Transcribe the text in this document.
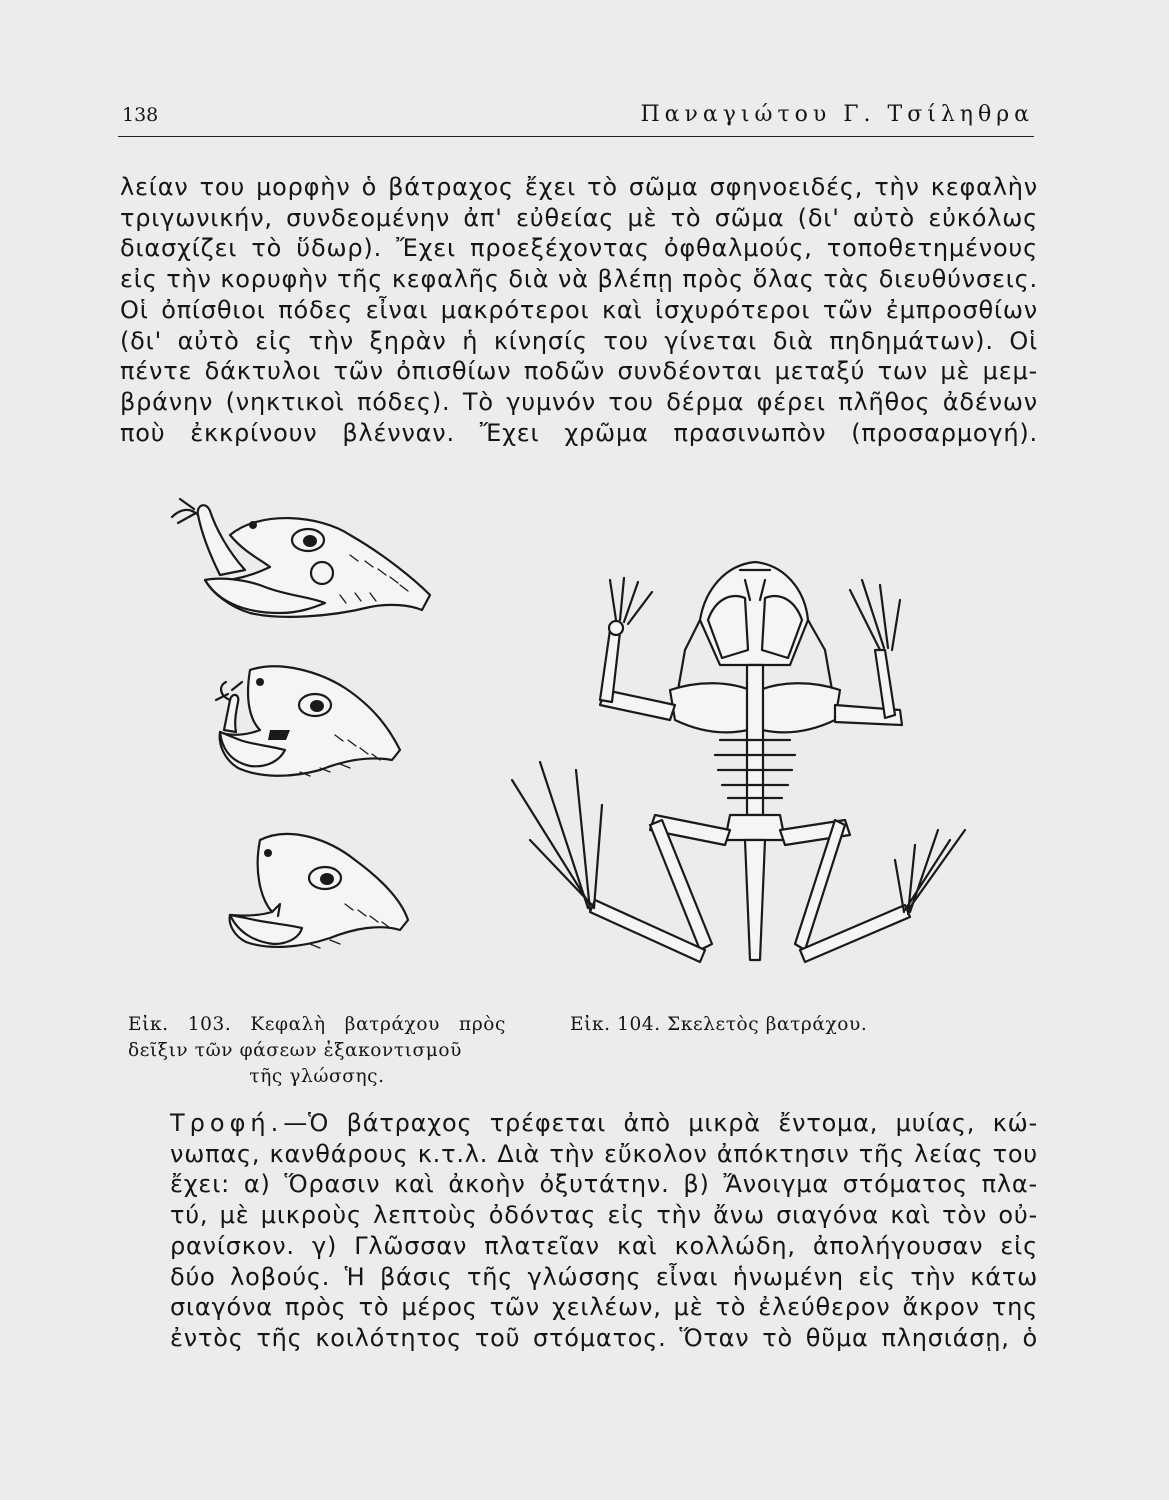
138	Παναγιώτου Γ. Τσίληθρα

λείαν του μορφὴν ὁ βάτραχος ἔχει τὸ σῶμα σφηνοειδές, τὴν κεφαλὴν
τριγωνικήν, συνδεομένην ἀπ' εὐθείας μὲ τὸ σῶμα (δι' αὐτὸ εὐκόλως
διασχίζει τὸ ὕδωρ). Ἔχει προεξέχοντας ὀφθαλμούς, τοποθετημένους
εἰς τὴν κορυφὴν τῆς κεφαλῆς διὰ νὰ βλέπῃ πρὸς ὅλας τὰς διευθύνσεις.
Οἱ ὀπίσθιοι πόδες εἶναι μακρότεροι καὶ ἰσχυρότεροι τῶν ἐμπροσθίων
(δι' αὐτὸ εἰς τὴν ξηρὰν ἡ κίνησίς του γίνεται διὰ πηδημάτων). Οἱ
πέντε δάκτυλοι τῶν ὀπισθίων ποδῶν συνδέονται μεταξύ των μὲ μεμ-
βράνην (νηκτικοὶ πόδες). Τὸ γυμνόν του δέρμα φέρει πλῆθος ἀδένων
ποὺ ἐκκρίνουν βλένναν. Ἔχει χρῶμα πρασινωπὸν (προσαρμογή).

Εἰκ. 103. Κεφαλὴ βατράχου πρὸς
δεῖξιν τῶν φάσεων ἐξακοντισμοῦ
τῆς γλώσσης.

Εἰκ. 104. Σκελετὸς βατράχου.

Τροφή.—Ὁ βάτραχος τρέφεται ἀπὸ μικρὰ ἔντομα, μυίας, κώ-
νωπας, κανθάρους κ.τ.λ. Διὰ τὴν εὔκολον ἀπόκτησιν τῆς λείας του
ἔχει: α) Ὅρασιν καὶ ἀκοὴν ὀξυτάτην. β) Ἄνοιγμα στόματος πλα-
τύ, μὲ μικροὺς λεπτοὺς ὀδόντας εἰς τὴν ἄνω σιαγόνα καὶ τὸν οὐ-
ρανίσκον. γ) Γλῶσσαν πλατεῖαν καὶ κολλώδη, ἀπολήγουσαν εἰς
δύο λοβούς. Ἡ βάσις τῆς γλώσσης εἶναι ἡνωμένη εἰς τὴν κάτω
σιαγόνα πρὸς τὸ μέρος τῶν χειλέων, μὲ τὸ ἐλεύθερον ἄκρον της
ἐντὸς τῆς κοιλότητος τοῦ στόματος. Ὅταν τὸ θῦμα πλησιάσῃ, ὁ
